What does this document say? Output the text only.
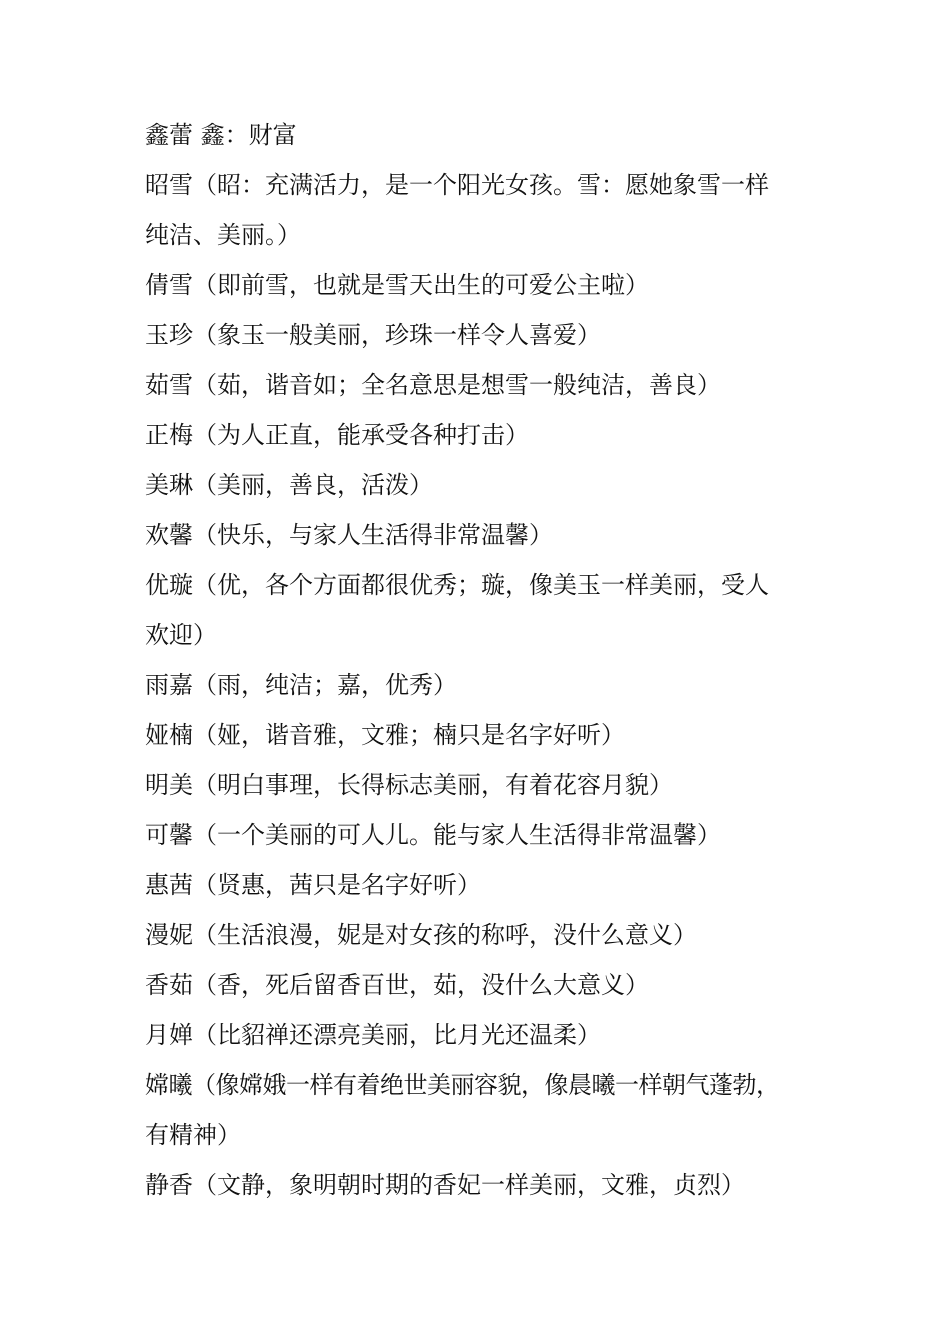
鑫蕾 鑫：财富
昭雪（昭：充满活力，是一个阳光女孩。雪：愿她象雪一样
纯洁、美丽。）
倩雪（即前雪，也就是雪天出生的可爱公主啦）
玉珍（象玉一般美丽，珍珠一样令人喜爱）
茹雪（茹，谐音如；全名意思是想雪一般纯洁，善良）
正梅（为人正直，能承受各种打击）
美琳（美丽，善良，活泼）
欢馨（快乐，与家人生活得非常温馨）
优璇（优，各个方面都很优秀；璇，像美玉一样美丽，受人
欢迎）
雨嘉（雨，纯洁；嘉，优秀）
娅楠（娅，谐音雅，文雅；楠只是名字好听）
明美（明白事理，长得标志美丽，有着花容月貌）
可馨（一个美丽的可人儿。能与家人生活得非常温馨）
惠茜（贤惠，茜只是名字好听）
漫妮（生活浪漫，妮是对女孩的称呼，没什么意义）
香茹（香，死后留香百世，茹，没什么大意义）
月婵（比貂禅还漂亮美丽，比月光还温柔）
嫦曦（像嫦娥一样有着绝世美丽容貌，像晨曦一样朝气蓬勃，
有精神）
静香（文静，象明朝时期的香妃一样美丽，文雅，贞烈）
